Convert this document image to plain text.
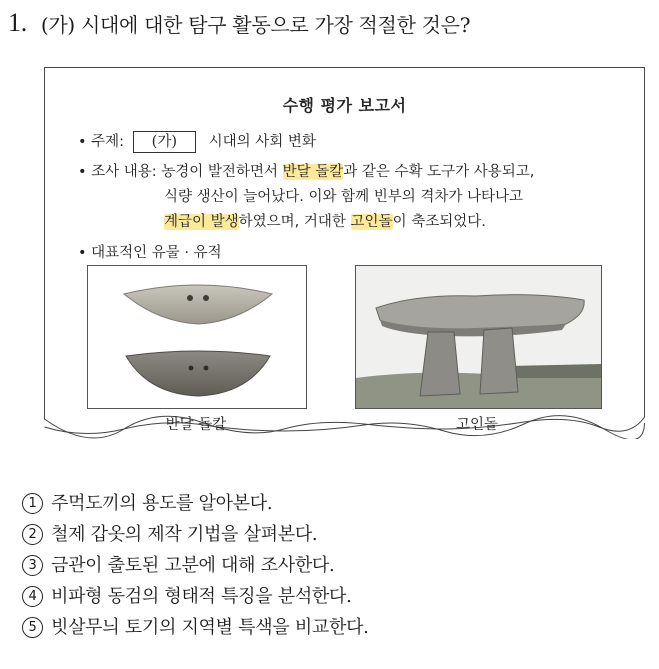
1. (가) 시대에 대한 탐구 활동으로 가장 적절한 것은?
수행 평가 보고서
• 주제: (가) 시대의 사회 변화
• 조사 내용: 농경이 발전하면서 반달 돌칼과 같은 수확 도구가 사용되고,
식량 생산이 늘어났다. 이와 함께 빈부의 격차가 나타나고
계급이 발생하였으며, 거대한 고인돌이 축조되었다.
• 대표적인 유물 · 유적
반달 돌칼	고인돌
1 주먹도끼의 용도를 알아본다.
2 철제 갑옷의 제작 기법을 살펴본다.
3 금관이 출토된 고분에 대해 조사한다.
4 비파형 동검의 형태적 특징을 분석한다.
5 빗살무늬 토기의 지역별 특색을 비교한다.
